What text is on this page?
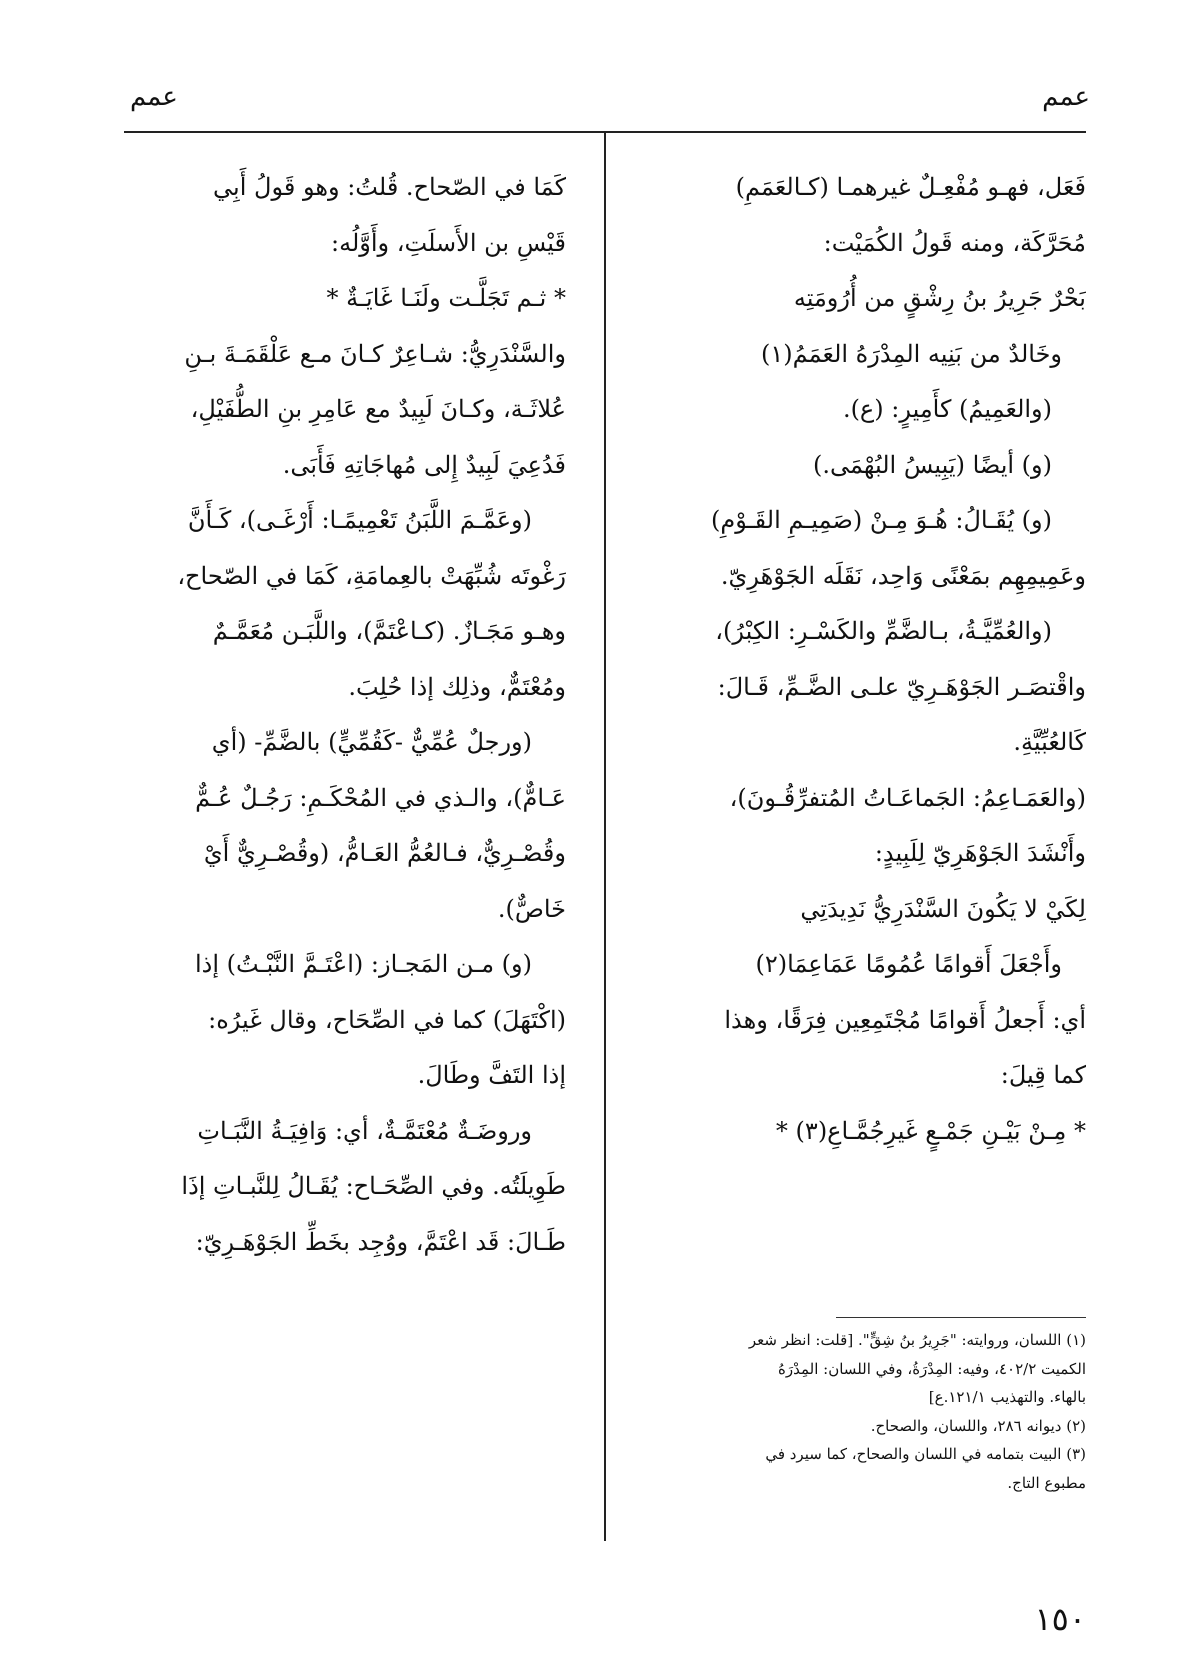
عمم
عمم
فَعَل، فهـو مُفْعِـلٌ غيرهمـا (كـالعَمَمِ)
مُحَرَّكَة، ومنه قَولُ الكُمَيْت:
بَحْرٌ جَرِيرُ بنُ رِشْقٍ من أُرُومَتِه
وخَالدٌ من بَنِيه المِدْرَهُ العَمَمُ(١)
(والعَمِيمُ) كأَمِيرٍ: (ع).
(و) أيضًا (يَبِيسُ البُهْمَى.)
(و) يُقَـالُ: هُـوَ مِـنْ (صَمِيـمِ القَـوْمِ)
وعَمِيمِهِم بمَعْنًى وَاحِد، نَقَلَه الجَوْهَرِيّ.
(والعُمِّيَّـةُ، بـالضَّمِّ والكَسْـرِ: الكِبْرُ)،
واقْتصَـر الجَوْهَـرِيّ علـى الضَّـمِّ، قَـالَ:
كَالعُبِّيَّةِ.
(والعَمَـاعِمُ: الجَماعَـاتُ المُتفرِّقُـونَ)،
وأَنْشَدَ الجَوْهَرِيّ لِلَبِيدٍ:
لِكَيْ لا يَكُونَ السَّنْدَرِيُّ نَدِيدَتِي
وأَجْعَلَ أَقوامًا عُمُومًا عَمَاعِمَا(٢)
أي: أَجعلُ أَقوامًا مُجْتَمِعِين فِرَقًا، وهذا
كما قِيلَ:
* مِـنْ بَيْـنِ جَمْـعٍ غَيرِجُمَّـاعِ(٣) *
كَمَا في الصّحاح. قُلتُ: وهو قَولُ أَبِي
قَيْسِ بن الأَسلَتِ، وأَوَّلُه:
* ثـم تَجَلَّـت ولَنَـا غَايَـةٌ *
والسَّنْدَرِيُّ: شـاعِرٌ كـانَ مـع عَلْقَمَـةَ بـنِ
عُلاثَـة، وكـانَ لَبِيدٌ مع عَامِرِ بنِ الطُّفَيْلِ،
فَدُعِيَ لَبِيدٌ إِلى مُهاجَاتِهِ فَأَبَى.
(وعَمَّـمَ اللَّبَنُ تَعْمِيمًـا: أَرْغَـى)، كَـأَنَّ
رَغْوتَه شُبِّهَتْ بالعِمامَةِ، كَمَا في الصّحاح،
وهـو مَجَـازٌ. (كـاعْتَمَّ)، واللَّبَـن مُعَمَّـمٌ
ومُعْتَمٌّ، وذلِك إذا حُلِبَ.
(ورجلٌ عُمِّيٌّ -كَقُمِّيٍّ) بالضَّمِّ- (أي
عَـامٌّ)، والـذي في المُحْكَـمِ: رَجُـلٌ عُـمٌّ
وقُصْـرِيٌّ، فـالعُمُّ العَـامُّ، (وقُصْـرِيٌّ أَيْ
خَاصٌّ).
(و) مـن المَجـاز: (اعْتَـمَّ النَّبْـتُ) إذا
(اكْتَهَلَ) كما في الصِّحَاح، وقال غَيرُه:
إذا التَفَّ وطَالَ.
وروضَـةٌ مُعْتَمَّـةٌ، أي: وَافِيَـةُ النَّبَـاتِ
طَوِيلَتُه. وفي الصِّحَـاح: يُقَـالُ لِلنَّبـاتِ إذَا
طَـالَ: قَد اعْتَمَّ، ووُجِد بخَطِّ الجَوْهَـرِيّ:
(١) اللسان، وروايته: "جَرِيرُ بنُ شِقٍّ". [قلت: انظر شعر
الكميت ٤٠٢/٢، وفيه: المِدْرَةُ، وفي اللسان: المِدْرَهُ
بالهاء. والتهذيب ١٢١/١.ع]
(٢) ديوانه ٢٨٦، واللسان، والصحاح.
(٣) البيت بتمامه في اللسان والصحاح، كما سيرد في
مطبوع التاج.
١٥٠
